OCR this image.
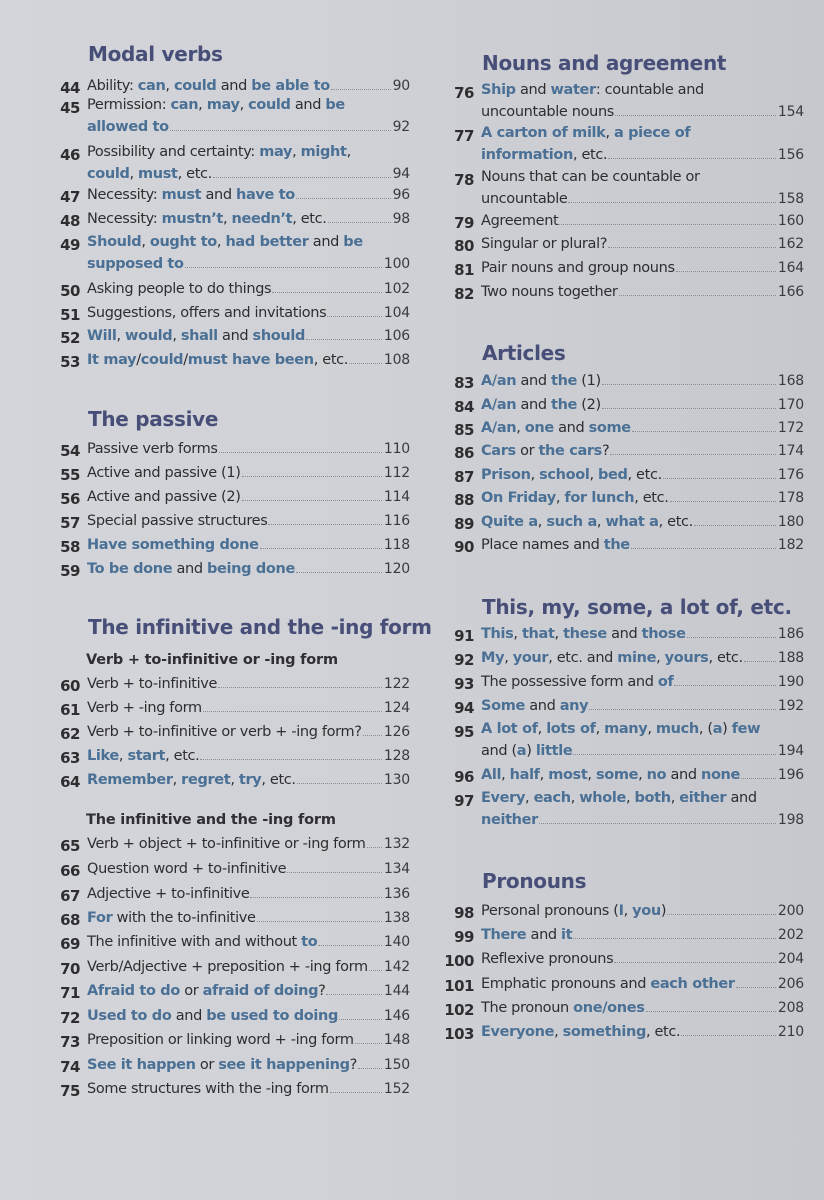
Modal verbs
44 Ability: can, could and be able to	90
45 Permission: can, may, could and be
allowed to	92
46 Possibility and certainty: may, might,
could, must, etc.	94
47 Necessity: must and have to	96
48 Necessity: mustn’t, needn’t, etc.	98
49 Should, ought to, had better and be
supposed to	100
50 Asking people to do things	102
51 Suggestions, offers and invitations	104
52 Will, would, shall and should	106
53 It may/could/must have been, etc.	108
The passive
54 Passive verb forms	110
55 Active and passive (1)	112
56 Active and passive (2)	114
57 Special passive structures	116
58 Have something done	118
59 To be done and being done	120
The infinitive and the -ing form
Verb + to-infinitive or -ing form
60 Verb + to-infinitive	122
61 Verb + -ing form	124
62 Verb + to-infinitive or verb + -ing form? 126
63 Like, start, etc.	128
64 Remember, regret, try, etc.	130
The infinitive and the -ing form
65 Verb + object + to-infinitive or -ing form 132
66 Question word + to-infinitive	134
67 Adjective + to-infinitive	136
68 For with the to-infinitive	138
69 The infinitive with and without to	140
70 Verb/Adjective + preposition + -ing form 142
71 Afraid to do or afraid of doing?	144
72 Used to do and be used to doing	146
73 Preposition or linking word + -ing form 148
74 See it happen or see it happening? 150
75 Some structures with the -ing form	152
Nouns and agreement
76 Ship and water: countable and
uncountable nouns	154
77 A carton of milk, a piece of
information, etc.	156
78 Nouns that can be countable or
uncountable	158
79 Agreement	160
80 Singular or plural?	162
81 Pair nouns and group nouns	164
82 Two nouns together	166
Articles
83 A/an and the (1)	168
84 A/an and the (2)	170
85 A/an, one and some	172
86 Cars or the cars?	174
87 Prison, school, bed, etc.	176
88 On Friday, for lunch, etc.	178
89 Quite a, such a, what a, etc.	180
90 Place names and the	182
This, my, some, a lot of, etc.
91 This, that, these and those	186
92 My, your, etc. and mine, yours, etc.	188
93 The possessive form and of	190
94 Some and any	192
95 A lot of, lots of, many, much, (a) few
and (a) little	194
96 All, half, most, some, no and none	196
97 Every, each, whole, both, either and
neither	198
Pronouns
98 Personal pronouns (I, you)	200
99 There and it	202
100 Reflexive pronouns	204
101 Emphatic pronouns and each other	206
102 The pronoun one/ones	208
103 Everyone, something, etc.	210
